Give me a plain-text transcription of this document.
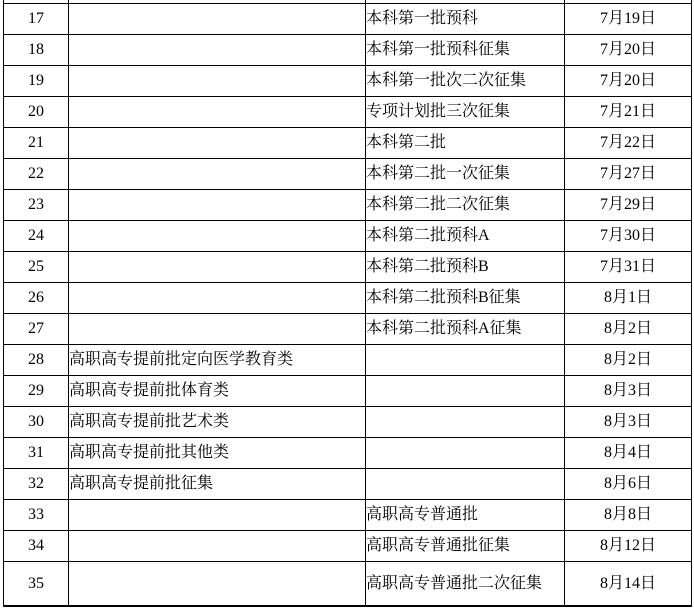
17		本科第一批预科	7月19日
18		本科第一批预科征集	7月20日
19		本科第一批次二次征集	7月20日
20		专项计划批三次征集	7月21日
21		本科第二批	7月22日
22		本科第二批一次征集	7月27日
23		本科第二批二次征集	7月29日
24		本科第二批预科A	7月30日
25		本科第二批预科B	7月31日
26		本科第二批预科B征集	8月1日
27		本科第二批预科A征集	8月2日
28	高职高专提前批定向医学教育类		8月2日
29	高职高专提前批体育类		8月3日
30	高职高专提前批艺术类		8月3日
31	高职高专提前批其他类		8月4日
32	高职高专提前批征集		8月6日
33		高职高专普通批	8月8日
34		高职高专普通批征集	8月12日
35		高职高专普通批二次征集	8月14日
